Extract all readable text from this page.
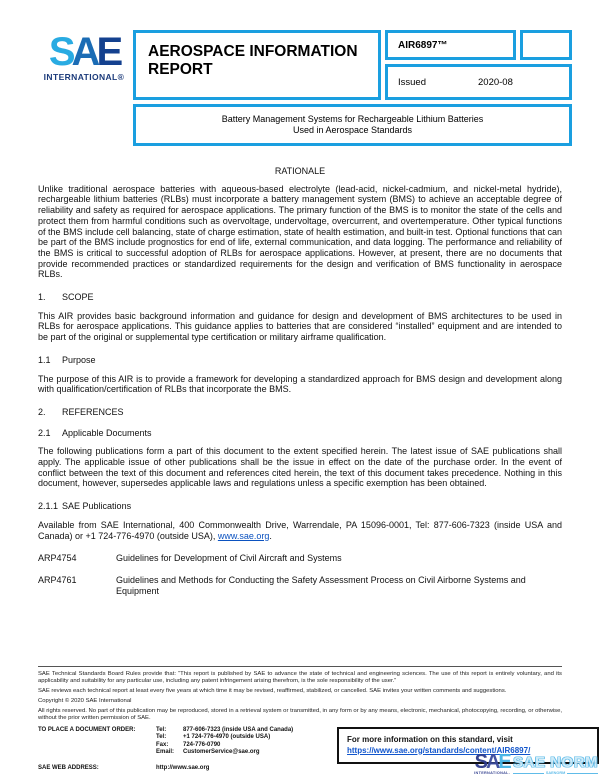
SAE
INTERNATIONAL®
AEROSPACE INFORMATION REPORT
AIR6897™
Issued	2020-08
Battery Management Systems for Rechargeable Lithium Batteries
Used in Aerospace Standards
RATIONALE
Unlike traditional aerospace batteries with aqueous-based electrolyte (lead-acid, nickel-cadmium, and nickel-metal hydride), rechargeable lithium batteries (RLBs) must incorporate a battery management system (BMS) to achieve an acceptable degree of reliability and safety as required for aerospace applications. The primary function of the BMS is to monitor the state of the cells and protect them from harmful conditions such as overvoltage, undervoltage, overcurrent, and overtemperature. Other typical functions of the BMS include cell balancing, state of charge estimation, state of health estimation, and built-in test. Optional functions that can be part of the BMS include prognostics for end of life, external communication, and data logging. The performance and reliability of the BMS is critical to successful adoption of RLBs for aerospace applications. However, at present, there are no documents that provide recommended practices or standardized requirements for the design and verification of BMS functionality in aerospace RLBs.
1.	SCOPE
This AIR provides basic background information and guidance for design and development of BMS architectures to be used in RLBs for aerospace applications. This guidance applies to batteries that are considered “installed” equipment and are intended to be part of the original or supplemental type certification or military airframe qualification.
1.1	Purpose
The purpose of this AIR is to provide a framework for developing a standardized approach for BMS design and development along with qualification/certification of RLBs that incorporate the BMS.
2.	REFERENCES
2.1	Applicable Documents
The following publications form a part of this document to the extent specified herein. The latest issue of SAE publications shall apply. The applicable issue of other publications shall be the issue in effect on the date of the purchase order. In the event of conflict between the text of this document and references cited herein, the text of this document takes precedence. Nothing in this document, however, supersedes applicable laws and regulations unless a specific exemption has been obtained.
2.1.1 SAE Publications
Available from SAE International, 400 Commonwealth Drive, Warrendale, PA 15096-0001, Tel: 877-606-7323 (inside USA and Canada) or +1 724-776-4970 (outside USA), www.sae.org.
ARP4754	Guidelines for Development of Civil Aircraft and Systems
ARP4761	Guidelines and Methods for Conducting the Safety Assessment Process on Civil Airborne Systems and Equipment
SAE Technical Standards Board Rules provide that: “This report is published by SAE to advance the state of technical and engineering sciences. The use of this report is entirely voluntary, and its applicability and suitability for any particular use, including any patent infringement arising therefrom, is the sole responsibility of the user.”
SAE reviews each technical report at least every five years at which time it may be revised, reaffirmed, stabilized, or cancelled. SAE invites your written comments and suggestions.
Copyright © 2020 SAE International
All rights reserved. No part of this publication may be reproduced, stored in a retrieval system or transmitted, in any form or by any means, electronic, mechanical, photocopying, recording, or otherwise, without the prior written permission of SAE.
TO PLACE A DOCUMENT ORDER:	Tel:	877-606-7323 (inside USA and Canada)
Tel:	+1 724-776-4970 (outside USA)
Fax:	724-776-0790
Email:	CustomerService@sae.org
SAE WEB ADDRESS:	http://www.sae.org
For more information on this standard, visit
https://www.sae.org/standards/content/AIR6897/
SAE
INTERNATIONAL.
SAE NORM
SAENORM
